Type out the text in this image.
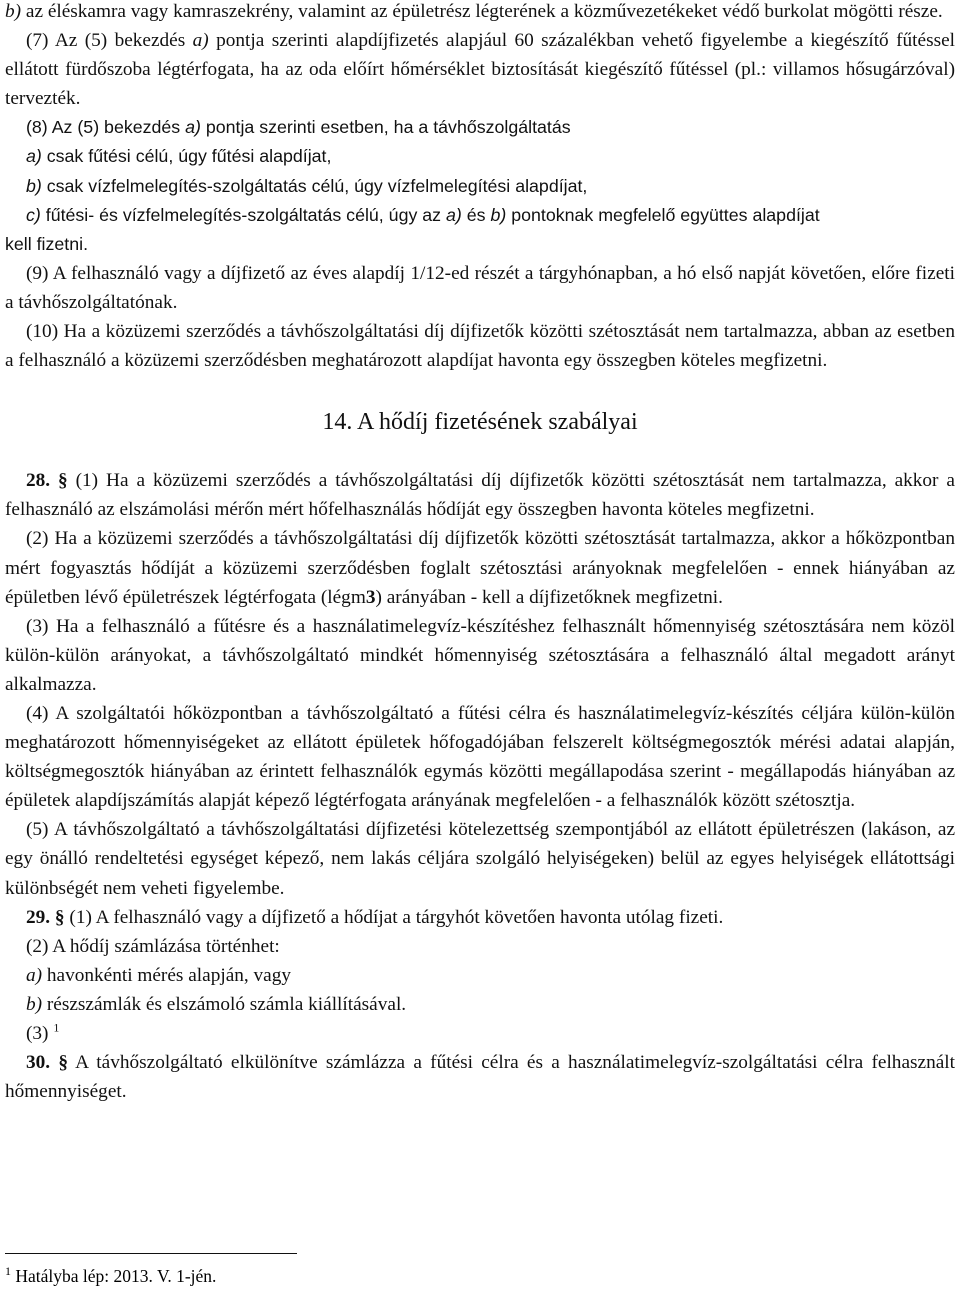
b) az éléskamra vagy kamraszekrény, valamint az épületrész légterének a közművezetékeket védő burkolat mögötti része.

(7) Az (5) bekezdés a) pontja szerinti alapdíjfizetés alapjául 60 százalékban vehető figyelembe a kiegészítő fűtéssel ellátott fürdőszoba légtérfogata, ha az oda előírt hőmérséklet biztosítását kiegészítő fűtéssel (pl.: villamos hősugárzóval) tervezték.

(8) Az (5) bekezdés a) pontja szerinti esetben, ha a távhőszolgáltatás

a) csak fűtési célú, úgy fűtési alapdíjat,

b) csak vízfelmelegítés-szolgáltatás célú, úgy vízfelmelegítési alapdíjat,

c) fűtési- és vízfelmelegítés-szolgáltatás célú, úgy az a) és b) pontoknak megfelelő együttes alapdíjat

kell fizetni.

(9) A felhasználó vagy a díjfizető az éves alapdíj 1/12-ed részét a tárgyhónapban, a hó első napját követően, előre fizeti a távhőszolgáltatónak.

(10) Ha a közüzemi szerződés a távhőszolgáltatási díj díjfizetők közötti szétosztását nem tartalmazza, abban az esetben a felhasználó a közüzemi szerződésben meghatározott alapdíjat havonta egy összegben köteles megfizetni.

14. A hődíj fizetésének szabályai

28. § (1) Ha a közüzemi szerződés a távhőszolgáltatási díj díjfizetők közötti szétosztását nem tartalmazza, akkor a felhasználó az elszámolási mérőn mért hőfelhasználás hődíját egy összegben havonta köteles megfizetni.

(2) Ha a közüzemi szerződés a távhőszolgáltatási díj díjfizetők közötti szétosztását tartalmazza, akkor a hőközpontban mért fogyasztás hődíját a közüzemi szerződésben foglalt szétosztási arányoknak megfelelően - ennek hiányában az épületben lévő épületrészek légtérfogata (légm3) arányában - kell a díjfizetőknek megfizetni.

(3) Ha a felhasználó a fűtésre és a használatimelegvíz-készítéshez felhasznált hőmennyiség szétosztására nem közöl külön-külön arányokat, a távhőszolgáltató mindkét hőmennyiség szétosztására a felhasználó által megadott arányt alkalmazza.

(4) A szolgáltatói hőközpontban a távhőszolgáltató a fűtési célra és használatimelegvíz-készítés céljára külön-külön meghatározott hőmennyiségeket az ellátott épületek hőfogadójában felszerelt költségmegosztók mérési adatai alapján, költségmegosztók hiányában az érintett felhasználók egymás közötti megállapodása szerint - megállapodás hiányában az épületek alapdíjszámítás alapját képező légtérfogata arányának megfelelően - a felhasználók között szétosztja.

(5) A távhőszolgáltató a távhőszolgáltatási díjfizetési kötelezettség szempontjából az ellátott épületrészen (lakáson, az egy önálló rendeltetési egységet képező, nem lakás céljára szolgáló helyiségeken) belül az egyes helyiségek ellátottsági különbségét nem veheti figyelembe.

29. § (1) A felhasználó vagy a díjfizető a hődíjat a tárgyhót követően havonta utólag fizeti.

(2) A hődíj számlázása történhet:

a) havonkénti mérés alapján, vagy

b) részszámlák és elszámoló számla kiállításával.

(3) $^1$

30. § A távhőszolgáltató elkülönítve számlázza a fűtési célra és a használatimelegvíz-szolgáltatási célra felhasznált hőmennyiséget.

$^1$ Hatályba lép: 2013. V. 1-jén.
